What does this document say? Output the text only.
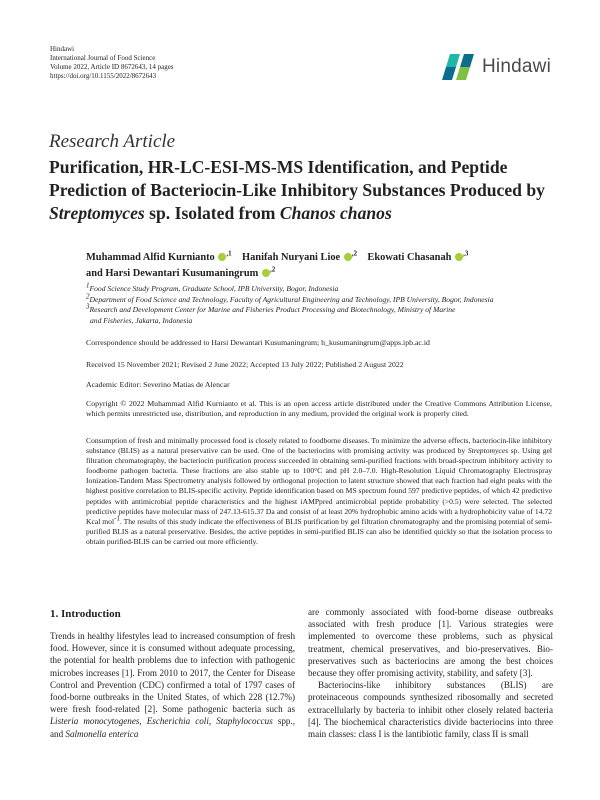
Hindawi
International Journal of Food Science
Volume 2022, Article ID 8672643, 14 pages
https://doi.org/10.1155/2022/8672643	Hindawi
Research Article
Purification, HR-LC-ESI-MS-MS Identification, and Peptide
Prediction of Bacteriocin-Like Inhibitory Substances Produced by
Streptomyces sp. Isolated from Chanos chanos
Muhammad Alfid Kurnianto $^{,1}$ Hanifah Nuryani Lioe $^{,2}$ Ekowati Chasanah $^{,3}$
and Harsi Dewantari Kusumaningrum $^{,2}$
1Food Science Study Program, Graduate School, IPB University, Bogor, Indonesia
2Department of Food Science and Technology, Faculty of Agricultural Engineering and Technology, IPB University, Bogor, Indonesia
3Research and Development Center for Marine and Fisheries Product Processing and Biotechnology, Ministry of Marine
and Fisheries, Jakarta, Indonesia
Correspondence should be addressed to Harsi Dewantari Kusumaningrum; h_kusumaningrum@apps.ipb.ac.id
Received 15 November 2021; Revised 2 June 2022; Accepted 13 July 2022; Published 2 August 2022
Academic Editor: Severino Matias de Alencar
Copyright © 2022 Muhammad Alfid Kurnianto et al. This is an open access article distributed under the Creative Commons Attribution License, which permits unrestricted use, distribution, and reproduction in any medium, provided the original work is properly cited.
Consumption of fresh and minimally processed food is closely related to foodborne diseases. To minimize the adverse effects, bacteriocin-like inhibitory substance (BLIS) as a natural preservative can be used. One of the bacteriocins with promising activity was produced by Streptomyces sp. Using gel filtration chromatography, the bacteriocin purification process succeeded in obtaining semi-purified fractions with broad-spectrum inhibitory activity to foodborne pathogen bacteria. These fractions are also stable up to 100°C and pH 2.0–7.0. High-Resolution Liquid Chromatography Electrospray Ionization-Tandem Mass Spectrometry analysis followed by orthogonal projection to latent structure showed that each fraction had eight peaks with the highest positive correlation to BLIS-specific activity. Peptide identification based on MS spectrum found 597 predictive peptides, of which 42 predictive peptides with antimicrobial peptide characteristics and the highest iAMPpred antimicrobial peptide probability (>0.5) were selected. The selected predictive peptides have molecular mass of 247.13-615.37 Da and consist of at least 20% hydrophobic amino acids with a hydrophobicity value of 14.72 Kcal mol-1. The results of this study indicate the effectiveness of BLIS purification by gel filtration chromatography and the promising potential of semi-purified BLIS as a natural preservative. Besides, the active peptides in semi-purified BLIS can also be identified quickly so that the isolation process to obtain purified-BLIS can be carried out more efficiently.
1. Introduction
Trends in healthy lifestyles lead to increased consumption of fresh food. However, since it is consumed without adequate processing, the potential for health problems due to infection with pathogenic microbes increases [1]. From 2010 to 2017, the Center for Disease Control and Prevention (CDC) confirmed a total of 1797 cases of food-borne outbreaks in the United States, of which 228 (12.7%) were fresh food-related [2]. Some pathogenic bacteria such as Listeria monocytogenes, Escherichia coli, Staphylococcus spp., and Salmonella enterica
are commonly associated with food-borne disease outbreaks associated with fresh produce [1]. Various strategies were implemented to overcome these problems, such as physical treatment, chemical preservatives, and bio-preservatives. Bio-preservatives such as bacteriocins are among the best choices because they offer promising activity, stability, and safety [3].
Bacteriocins-like inhibitory substances (BLIS) are proteinaceous compounds synthesized ribosomally and secreted extracellularly by bacteria to inhibit other closely related bacteria [4]. The biochemical characteristics divide bacteriocins into three main classes: class I is the lantibiotic family, class II is small
